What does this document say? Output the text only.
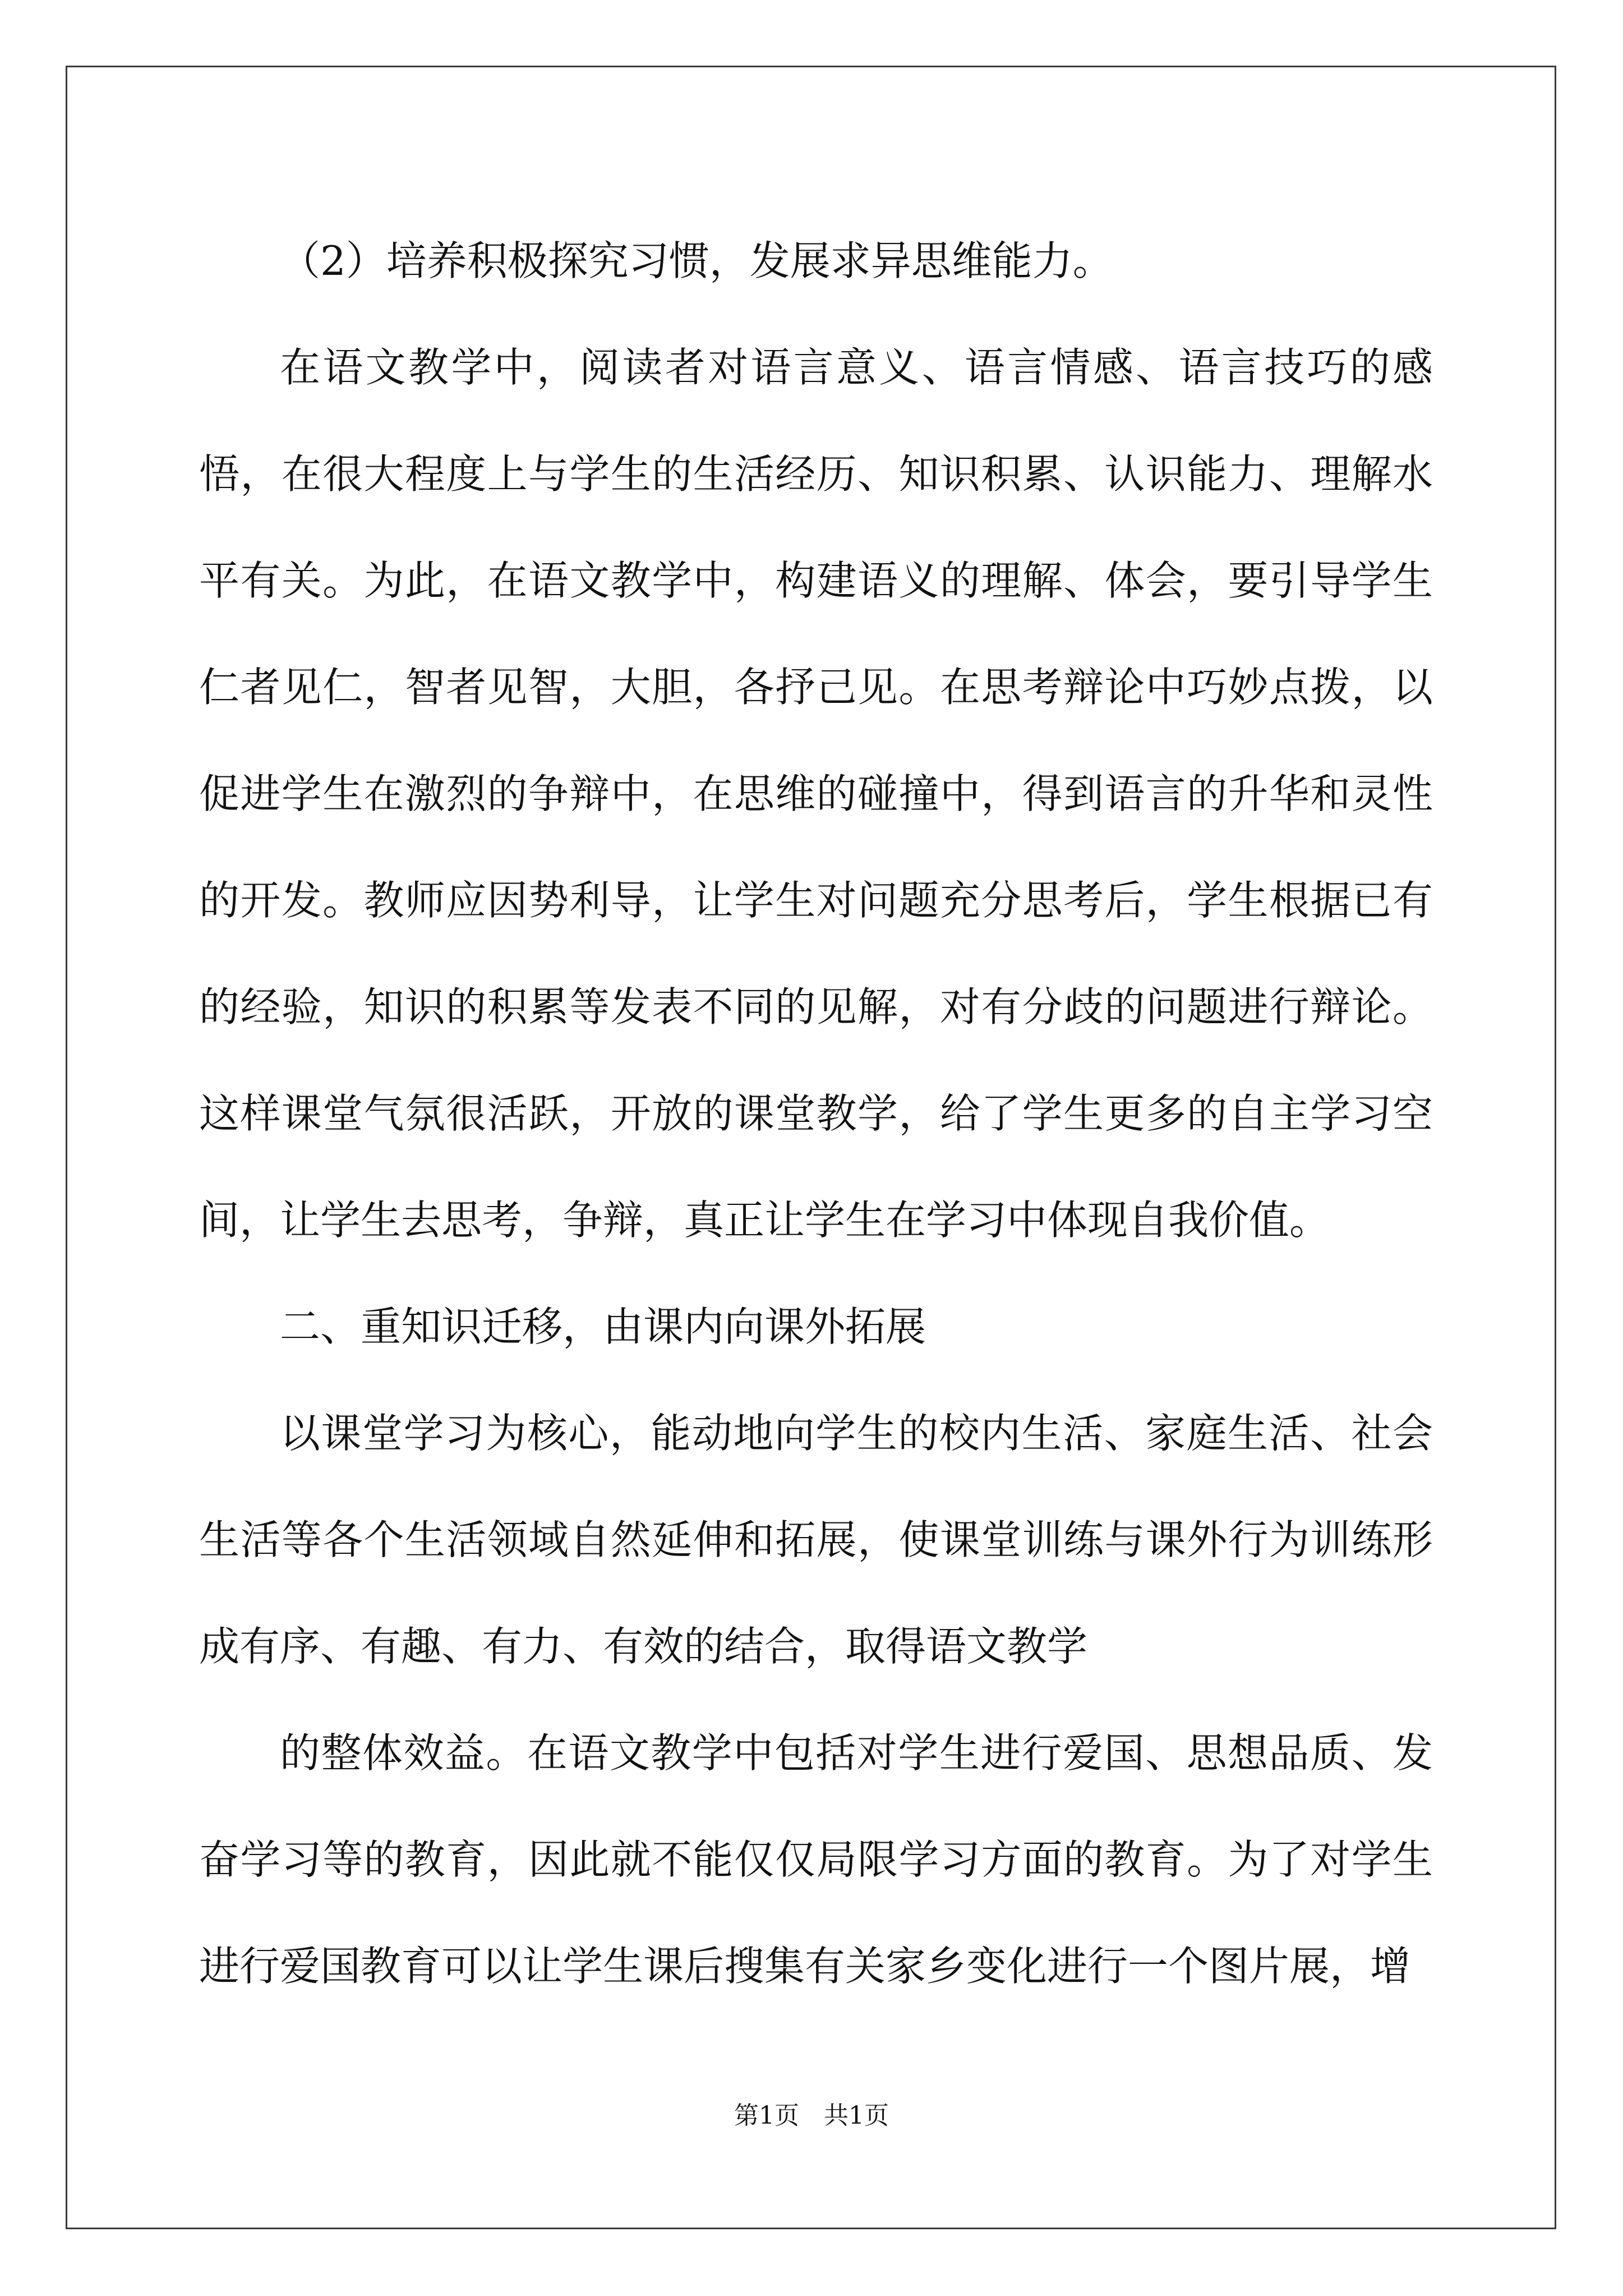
（2）培养积极探究习惯，发展求异思维能力。

在语文教学中，阅读者对语言意义、语言情感、语言技巧的感悟，在很大程度上与学生的生活经历、知识积累、认识能力、理解水平有关。为此，在语文教学中，构建语义的理解、体会，要引导学生仁者见仁，智者见智，大胆，各抒己见。在思考辩论中巧妙点拨，以促进学生在激烈的争辩中，在思维的碰撞中，得到语言的升华和灵性的开发。教师应因势利导，让学生对问题充分思考后，学生根据已有的经验，知识的积累等发表不同的见解，对有分歧的问题进行辩论。这样课堂气氛很活跃，开放的课堂教学，给了学生更多的自主学习空间，让学生去思考，争辩，真正让学生在学习中体现自我价值。

二、重知识迁移，由课内向课外拓展

以课堂学习为核心，能动地向学生的校内生活、家庭生活、社会生活等各个生活领域自然延伸和拓展，使课堂训练与课外行为训练形成有序、有趣、有力、有效的结合，取得语文教学

的整体效益。在语文教学中包括对学生进行爱国、思想品质、发奋学习等的教育，因此就不能仅仅局限学习方面的教育。为了对学生进行爱国教育可以让学生课后搜集有关家乡变化进行一个图片展，增

第1页　共1页
